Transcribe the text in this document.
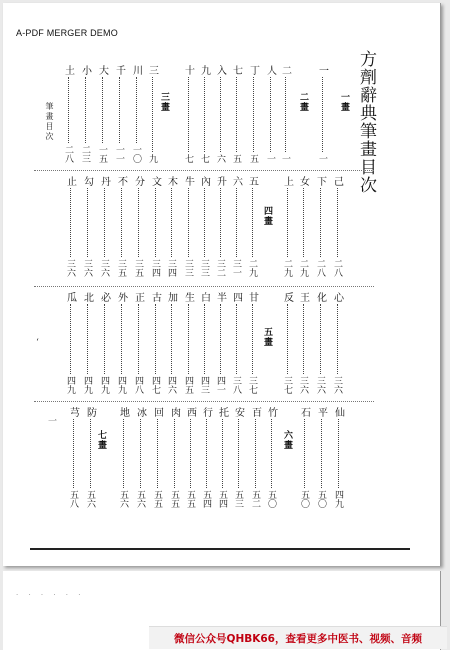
A-PDF MERGER DEMO
方劑辭典筆畫目次
筆畫目次
‘
一
一
一
二
一
人
一
丁
五
七
五
入
六
九
七
十
七
三
九
川
一〇
千
一一
大
一五
小
二三
土
二八
己
二八
下
二八
女
二九
上
二九
五
二九
六
三一
升
三二
內
三三
牛
三三
木
三四
文
三四
分
三五
不
三五
丹
三六
勾
三六
止
三六
心
三六
化
三六
王
三六
反
三七
甘
三七
四
三八
半
四一
白
四三
生
四五
加
四六
古
四七
正
四八
外
四九
必
四九
北
四九
瓜
四九
仙
四九
平
五〇
石
五〇
竹
五〇
百
五二
安
五三
托
五四
行
五四
西
五五
肉
五五
回
五五
冰
五六
地
五六
防
五六
芎
五八
一畫
二畫
三畫
四畫
五畫
六畫
七畫
· · · · · ·
微信公众号QHBK66，查看更多中医书、视频、音频
